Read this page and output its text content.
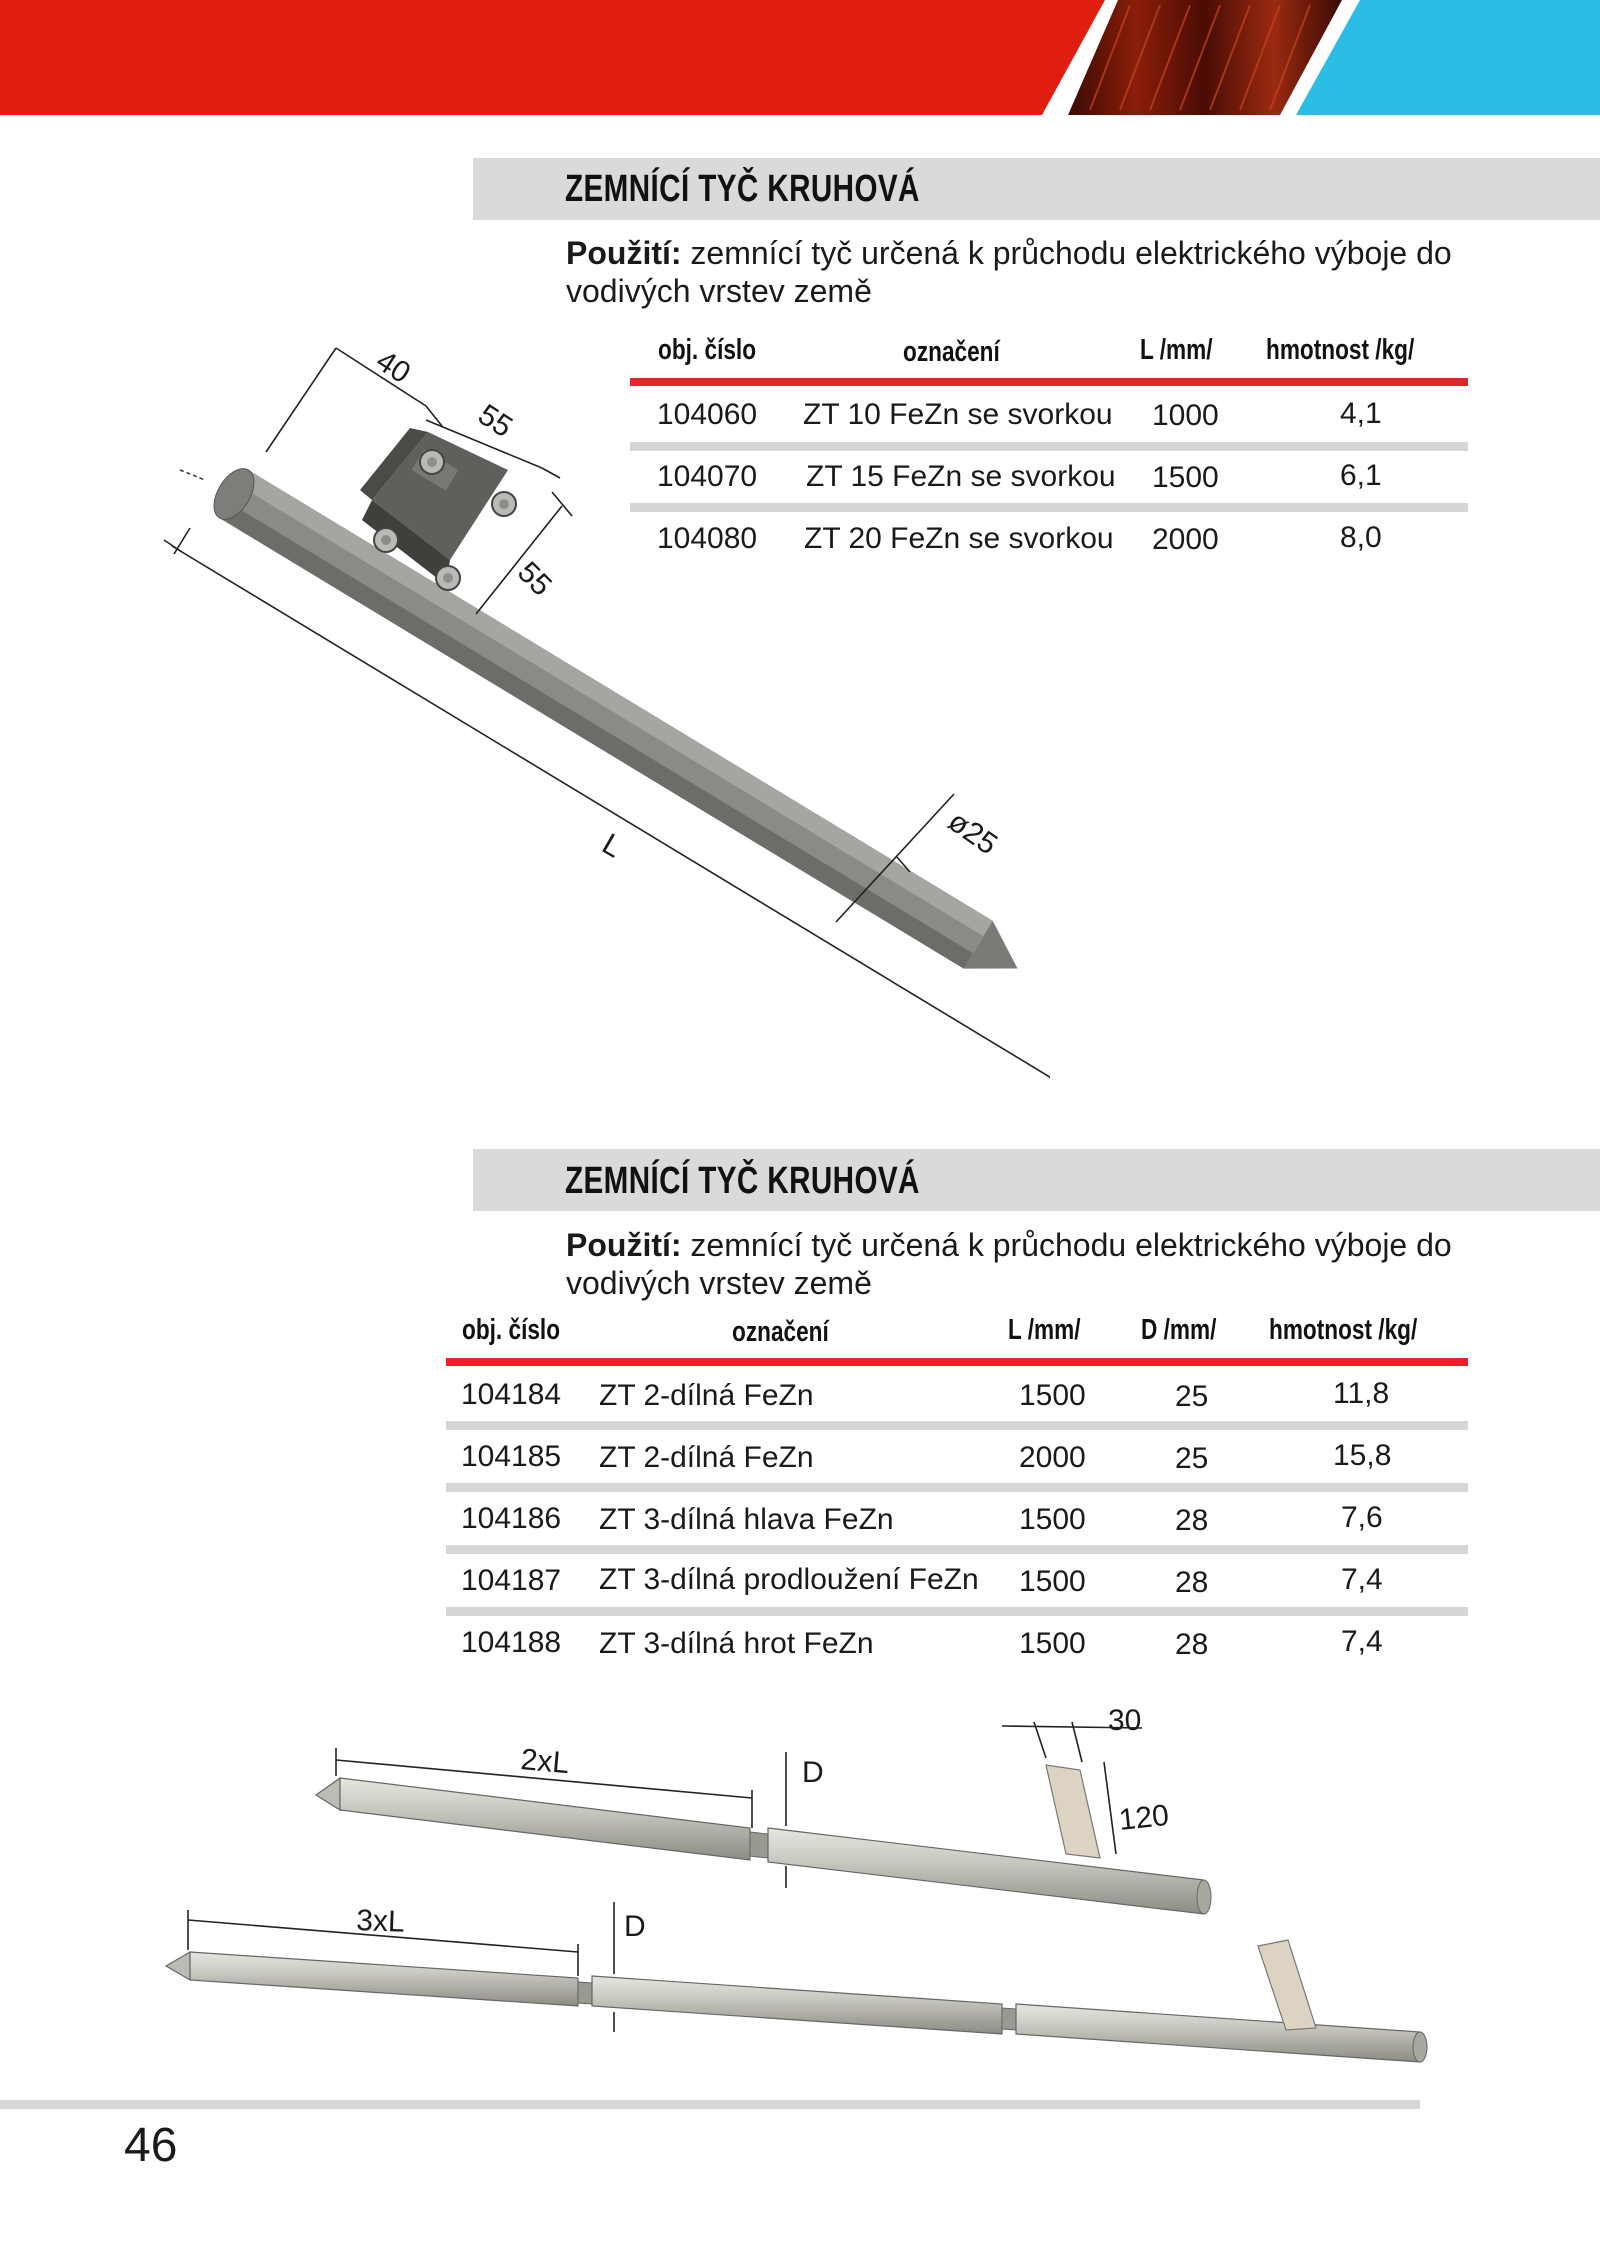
ZEMNÍCÍ TYČ KRUHOVÁ
Použití: zemnící tyč určená k průchodu elektrického výboje do vodivých vrstev země
obj. číslo	označení	L /mm/ hmotnost /kg/
104060 ZT 10 FeZn se svorkou 1000	4,1
104070 ZT 15 FeZn se svorkou 1500	6,1
104080 ZT 20 FeZn se svorkou 2000	8,0
40
55
55
L	ø25
ZEMNÍCÍ TYČ KRUHOVÁ
Použití: zemnící tyč určená k průchodu elektrického výboje do vodivých vrstev země
obj. číslo	označení	L /mm/ D /mm/ hmotnost /kg/
104184 ZT 2-dílná FeZn	1500	25	11,8
104185 ZT 2-dílná FeZn	2000	25	15,8
104186 ZT 3-dílná hlava FeZn	1500	28	7,6
104187 ZT 3-dílná prodloužení FeZn 1500	28	7,4
104188 ZT 3-dílná hrot FeZn	1500	28	7,4
2xL	D
30
120
3xL	D
46
